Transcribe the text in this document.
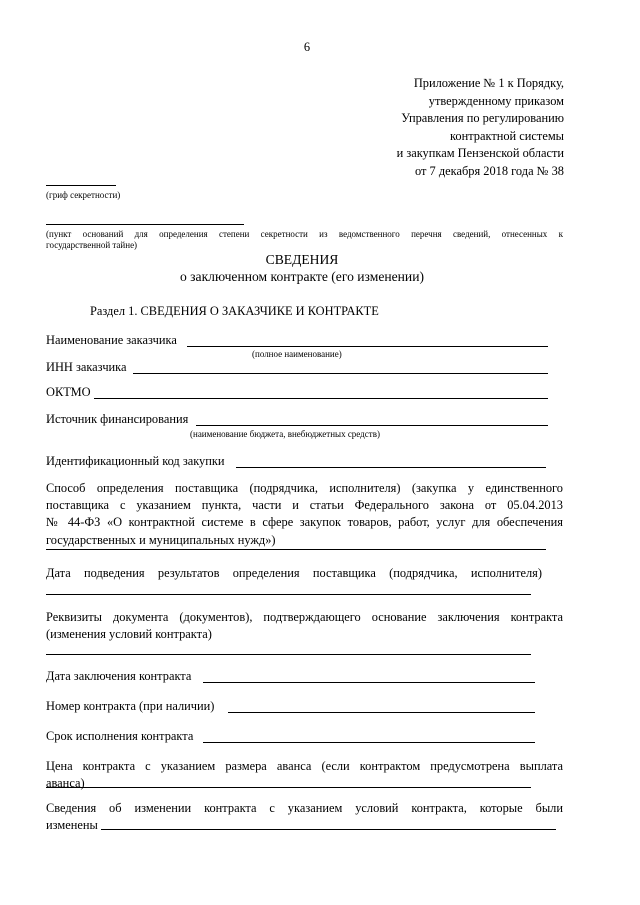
6
Приложение № 1 к Порядку,
утвержденному приказом
Управления по регулированию
контрактной системы
и закупкам Пензенской области
от 7 декабря 2018 года № 38
(гриф секретности)
(пункт оснований для определения степени секретности из ведомственного перечня сведений, отнесенных к
государственной тайне)
СВЕДЕНИЯ
о заключенном контракте (его изменении)
Раздел 1. СВЕДЕНИЯ О ЗАКАЗЧИКЕ И КОНТРАКТЕ
Наименование заказчика
(полное наименование)
ИНН заказчика
ОКТМО
Источник финансирования
(наименование бюджета, внебюджетных средств)
Идентификационный код закупки
Способ определения поставщика (подрядчика, исполнителя) (закупка у единственного
поставщика с указанием пункта, части и статьи Федерального закона от 05.04.2013
№ 44-ФЗ «О контрактной системе в сфере закупок товаров, работ, услуг для обеспечения
государственных и муниципальных нужд»)
Дата подведения результатов определения поставщика (подрядчика, исполнителя)
Реквизиты документа (документов), подтверждающего основание заключения контракта
(изменения условий контракта)
Дата заключения контракта
Номер контракта (при наличии)
Срок исполнения контракта
Цена контракта с указанием размера аванса (если контрактом предусмотрена выплата
аванса)
Сведения об изменении контракта с указанием условий контракта, которые были
изменены
